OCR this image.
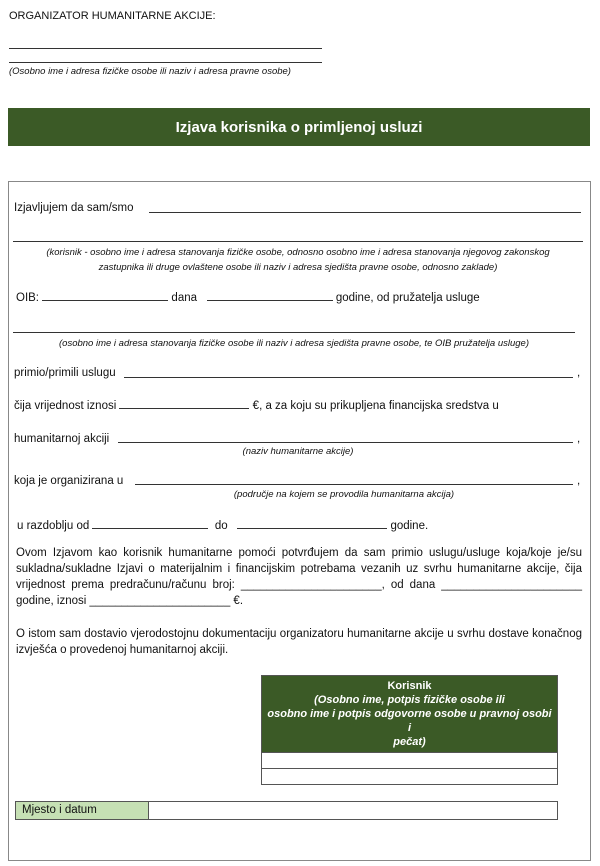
ORGANIZATOR HUMANITARNE AKCIJE:
(Osobno ime i adresa fizičke osobe ili naziv i adresa pravne osobe)
Izjava korisnika o primljenoj usluzi
Izjavljujem da sam/smo
(korisnik - osobno ime i adresa stanovanja fizičke osobe, odnosno osobno ime i adresa stanovanja njegovog zakonskog
zastupnika ili druge ovlaštene osobe ili naziv i adresa sjedišta pravne osobe, odnosno zaklade)
OIB:	dana	godine, od pružatelja usluge
(osobno ime i adresa stanovanja fizičke osobe ili naziv i adresa sjedišta pravne osobe, te OIB pružatelja usluge)
primio/primili uslugu	,
čija vrijednost iznosi	€, a za koju su prikupljena financijska sredstva u
humanitarnoj akciji	,
(naziv humanitarne akcije)
koja je organizirana u	,
(područje na kojem se provodila humanitarna akcija)
u razdoblju od	do	godine.
Ovom Izjavom kao korisnik humanitarne pomoći potvrđujem da sam primio uslugu/usluge koja/koje je/su sukladna/sukladne Izjavi o materijalnim i financijskim potrebama vezanih uz svrhu humanitarne akcije, čija vrijednost prema predračunu/računu broj: ______________________, od dana ______________________ godine, iznosi ______________________ €.
O istom sam dostavio vjerodostojnu dokumentaciju organizatoru humanitarne akcije u svrhu dostave konačnog izvješća o provedenoj humanitarnoj akciji.
Korisnik
(Osobno ime, potpis fizičke osobe ili
osobno ime i potpis odgovorne osobe u pravnoj osobi i
pečat)
Mjesto i datum
